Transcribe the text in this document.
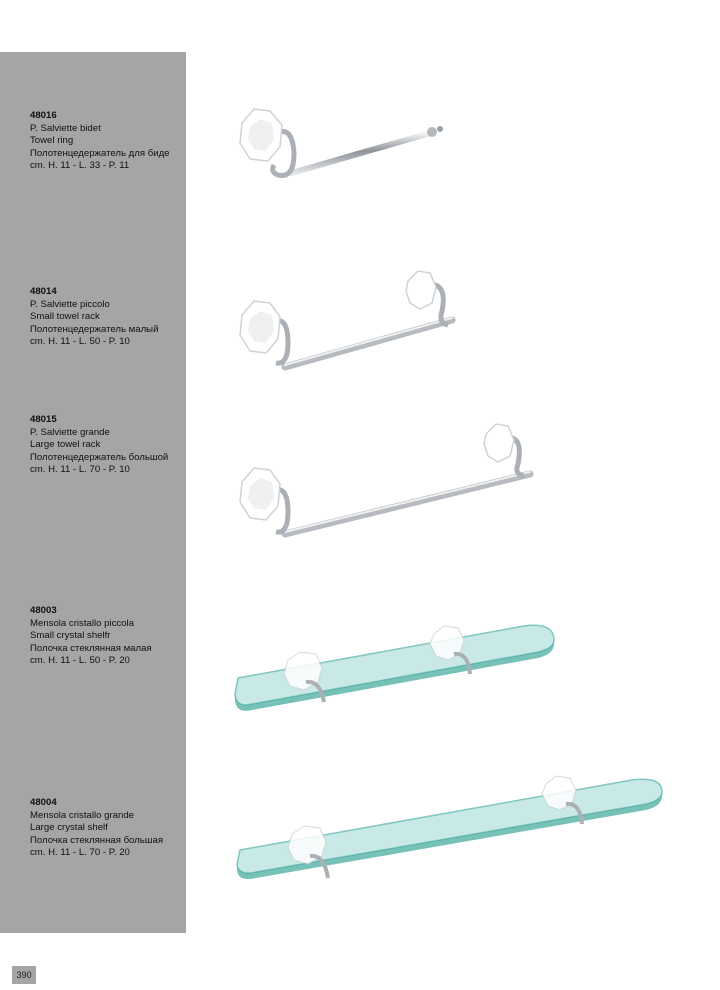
48016
P. Salviette bidet
Towel ring
Полотенцедержатель для биде
cm. H. 11 - L. 33 - P. 11
48014
P. Salviette piccolo
Small towel rack
Полотенцедержатель малый
cm. H. 11 - L. 50 - P. 10
48015
P. Salviette grande
Large towel rack
Полотенцедержатель большой
cm. H. 11 - L. 70 - P. 10
48003
Mensola cristallo piccola
Small crystal shelfr
Полочка стеклянная малая
cm. H. 11 - L. 50 - P. 20
48004
Mensola cristallo grande
Large crystal shelf
Полочка стеклянная большая
cm. H. 11 - L. 70 - P. 20
390
